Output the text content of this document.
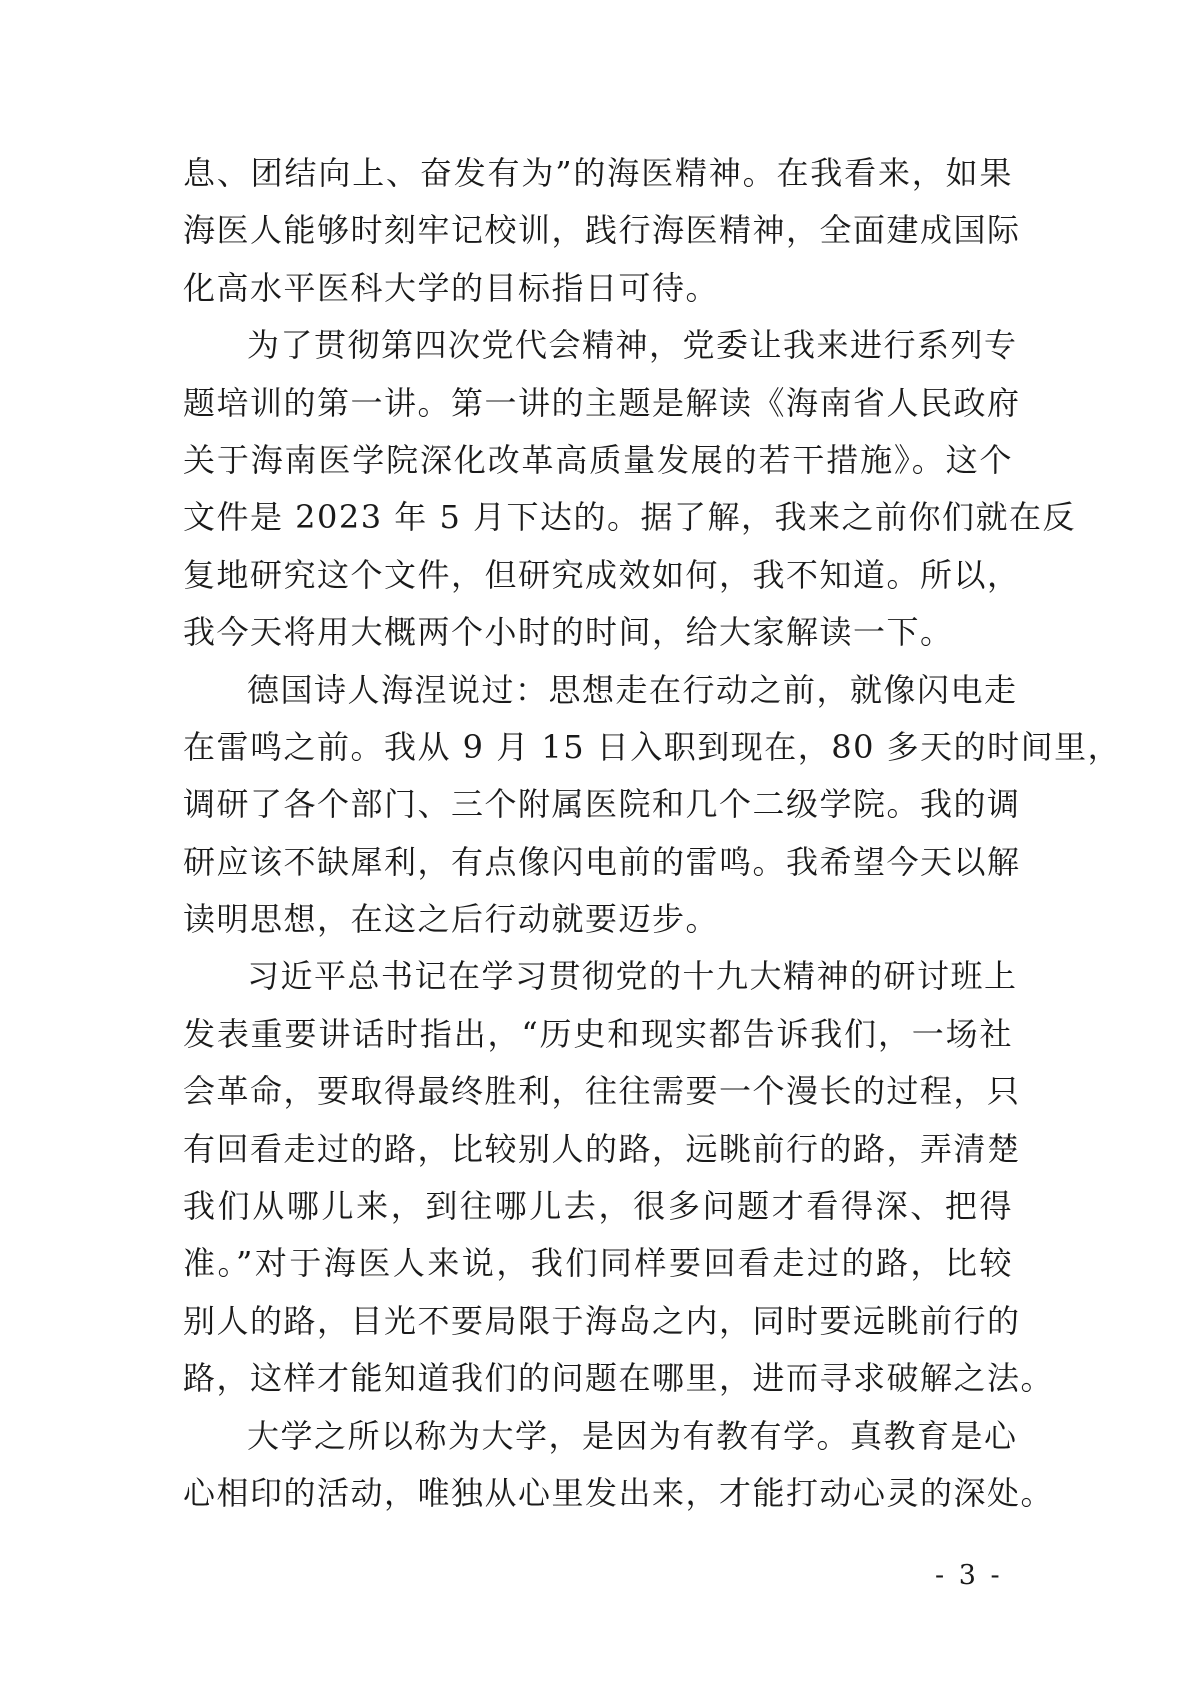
息、团结向上、奋发有为”的海医精神。在我看来，如果
海医人能够时刻牢记校训，践行海医精神，全面建成国际
化高水平医科大学的目标指日可待。
为了贯彻第四次党代会精神，党委让我来进行系列专
题培训的第一讲。第一讲的主题是解读《海南省人民政府
关于海南医学院深化改革高质量发展的若干措施》。这个
文件是 2023 年 5 月下达的。据了解，我来之前你们就在反
复地研究这个文件，但研究成效如何，我不知道。所以，
我今天将用大概两个小时的时间，给大家解读一下。
德国诗人海涅说过：思想走在行动之前，就像闪电走
在雷鸣之前。我从 9 月 15 日入职到现在，80 多天的时间里，
调研了各个部门、三个附属医院和几个二级学院。我的调
研应该不缺犀利，有点像闪电前的雷鸣。我希望今天以解
读明思想，在这之后行动就要迈步。
习近平总书记在学习贯彻党的十九大精神的研讨班上
发表重要讲话时指出，“历史和现实都告诉我们，一场社
会革命，要取得最终胜利，往往需要一个漫长的过程，只
有回看走过的路，比较别人的路，远眺前行的路，弄清楚
我们从哪儿来，到往哪儿去，很多问题才看得深、把得
准。”对于海医人来说，我们同样要回看走过的路，比较
别人的路，目光不要局限于海岛之内，同时要远眺前行的
路，这样才能知道我们的问题在哪里，进而寻求破解之法。
大学之所以称为大学，是因为有教有学。真教育是心
心相印的活动，唯独从心里发出来，才能打动心灵的深处。
- 3 -
